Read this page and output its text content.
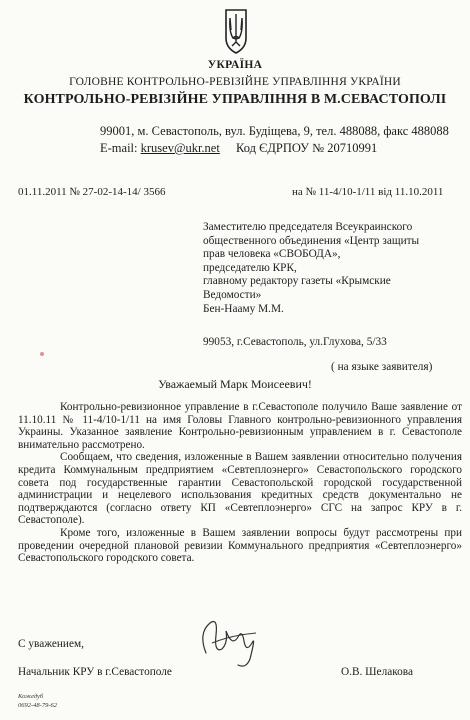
УКРАЇНА
ГОЛОВНЕ КОНТРОЛЬНО-РЕВІЗІЙНЕ УПРАВЛІННЯ УКРАЇНИ
КОНТРОЛЬНО-РЕВІЗІЙНЕ УПРАВЛІННЯ В М.СЕВАСТОПОЛІ
99001, м. Севастополь, вул. Будіщева, 9, тел. 488088, факс 488088
E-mail: krusev@ukr.net Код ЄДРПОУ № 20710991
01.11.2011 № 27-02-14-14/ 3566	на № 11-4/10-1/11 від 11.10.2011
Заместителю председателя Всеукраинского
общественного объединения «Центр защиты
прав человека «СВОБОДА»,
председателю КРК,
главному редактору газеты «Крымские
Ведомости»
Бен-Нааму М.М.
99053, г.Севастополь, ул.Глухова, 5/33
( на языке заявителя)
Уважаемый Марк Моисеевич!

Контрольно-ревизионное управление в г.Севастополе получило Ваше заявление от 11.10.11 № 11-4/10-1/11 на имя Головы Главного контрольно-ревизионного управления Украины. Указанное заявление Контрольно-ревизионным управлением в г. Севастополе внимательно рассмотрено.

Сообщаем, что сведения, изложенные в Вашем заявлении относительно получения кредита Коммунальным предприятием «Севтеплоэнерго» Севастопольского городского совета под государственные гарантии Севастопольской городской государственной администрации и нецелевого использования кредитных средств документально не подтверждаются (согласно ответу КП «Севтеплоэнерго» СГС на запрос КРУ в г. Севастополе).

Кроме того, изложенные в Вашем заявлении вопросы будут рассмотрены при проведении очередной плановой ревизии Коммунального предприятия «Севтеплоэнерго» Севастопольского городского совета.

С уважением,
Начальник КРУ в г.Севастополе	О.В. Шелакова
Кожедуб
0692-48-79-62
